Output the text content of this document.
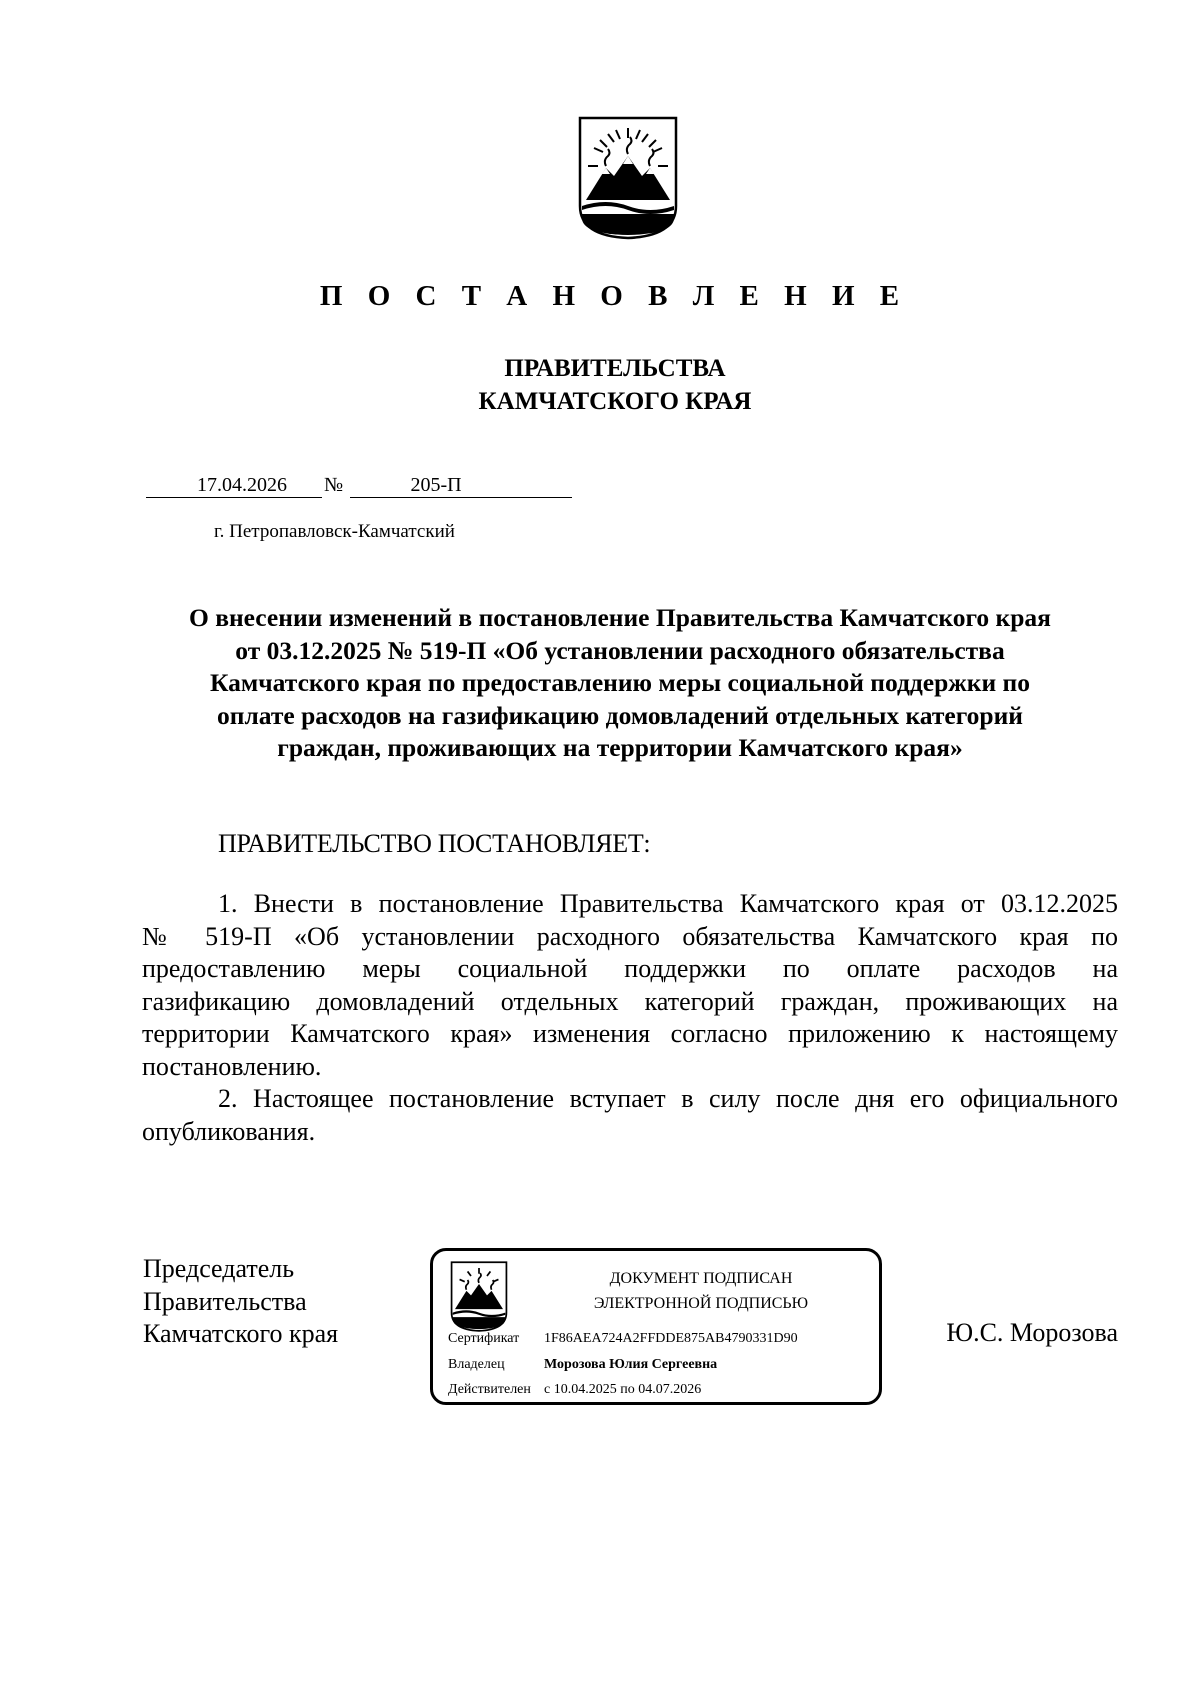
П О С Т А Н О В Л Е Н И Е
ПРАВИТЕЛЬСТВА
КАМЧАТСКОГО КРАЯ
17.04.2026	№	205-П
г. Петропавловск-Камчатский
О внесении изменений в постановление Правительства Камчатского края
от 03.12.2025 № 519-П «Об установлении расходного обязательства
Камчатского края по предоставлению меры социальной поддержки по
оплате расходов на газификацию домовладений отдельных категорий
граждан, проживающих на территории Камчатского края»
ПРАВИТЕЛЬСТВО ПОСТАНОВЛЯЕТ:
1. Внести в постановление Правительства Камчатского края от 03.12.2025
№ 519-П «Об установлении расходного обязательства Камчатского края по
предоставлению меры социальной поддержки по оплате расходов на
газификацию домовладений отдельных категорий граждан, проживающих на
территории Камчатского края» изменения согласно приложению к настоящему
постановлению.
2. Настоящее постановление вступает в силу после дня его официального
опубликования.
Председатель
Правительства
Камчатского края
ДОКУМЕНТ ПОДПИСАН
ЭЛЕКТРОННОЙ ПОДПИСЬЮ
Сертификат 1F86AEA724A2FFDDE875AB4790331D90
Владелец	Морозова Юлия Сергеевна
Действителен с 10.04.2025 по 04.07.2026
Ю.С. Морозова
